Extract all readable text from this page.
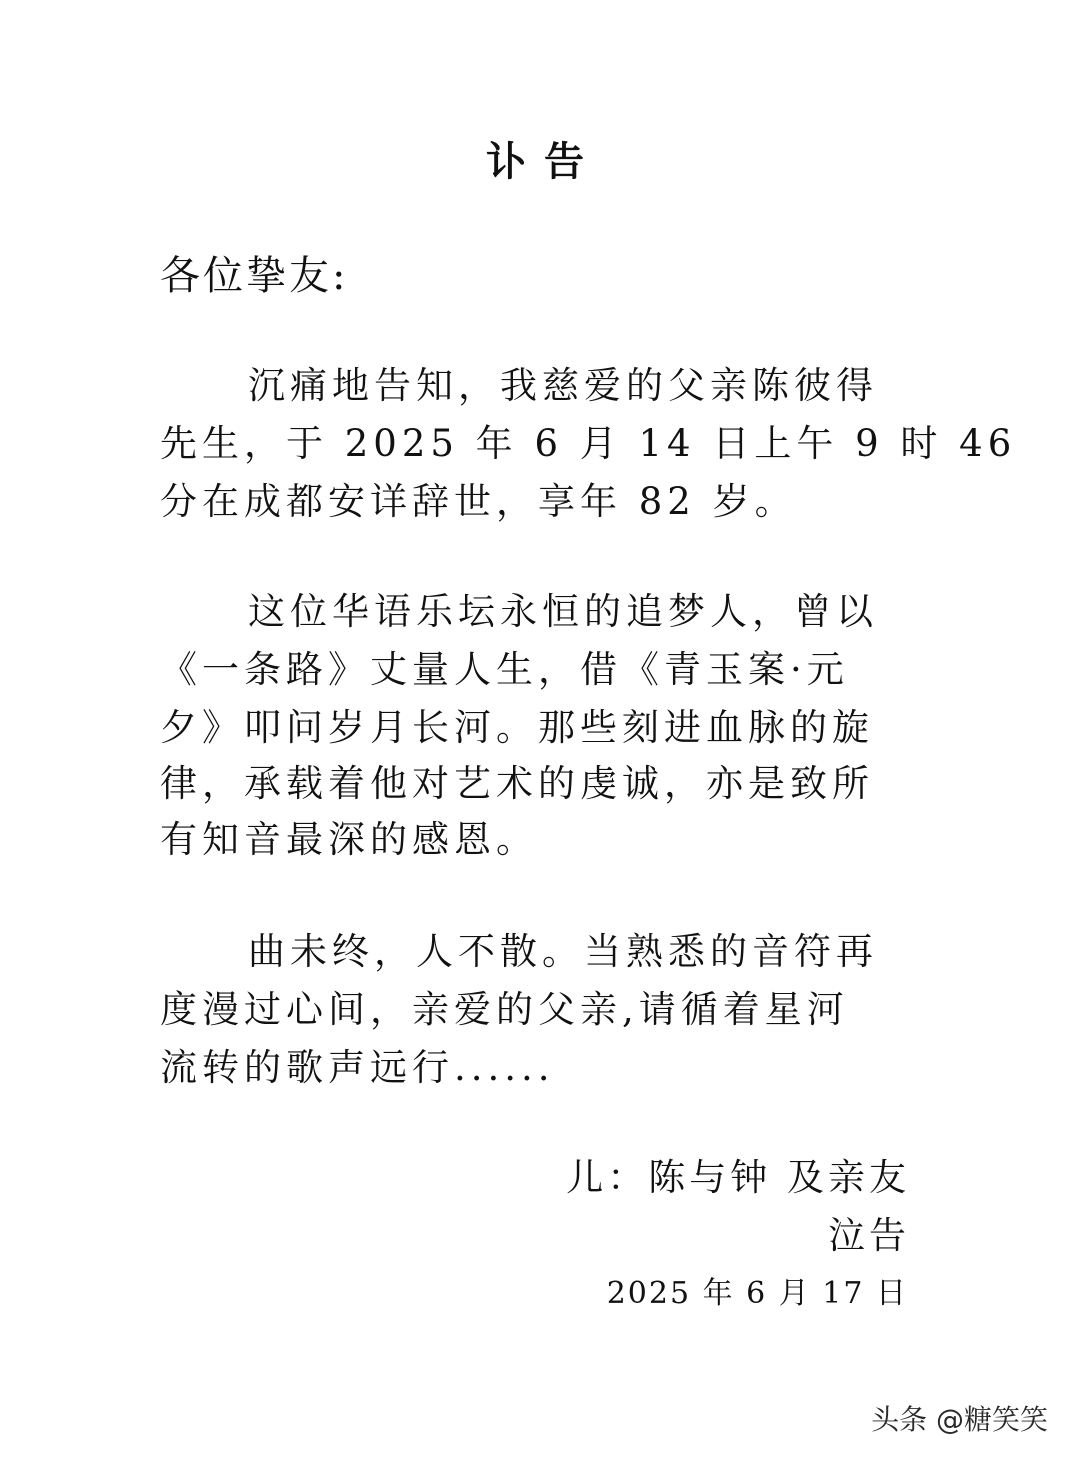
讣 告
各位挚友:
沉痛地告知，我慈爱的父亲陈彼得
先生，于 2025 年 6 月 14 日上午 9 时 46
分在成都安详辞世，享年 82 岁。
这位华语乐坛永恒的追梦人，曾以
《一条路》丈量人生，借《青玉案·元
夕》叩问岁月长河。那些刻进血脉的旋
律，承载着他对艺术的虔诚，亦是致所
有知音最深的感恩。
曲未终，人不散。当熟悉的音符再
度漫过心间，亲爱的父亲,请循着星河
流转的歌声远行......
儿：陈与钟 及亲友
泣告
2025 年 6 月 17 日
头条 @糖笑笑
